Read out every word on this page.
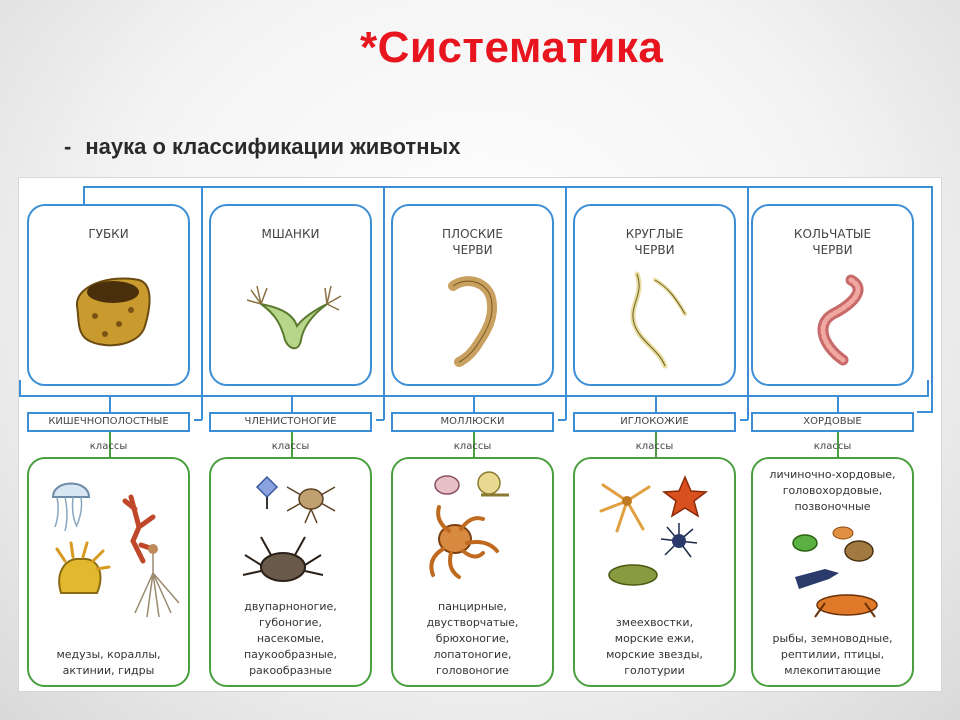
*Систематика
- наука о классификации животных
ГУБКИ
КИШЕЧНОПОЛОСТНЫЕ
классы
медузы, кораллы,
актинии, гидры
МШАНКИ
ЧЛЕНИСТОНОГИЕ
классы
двупарноногие,
губоногие,
насекомые,
паукообразные,
ракообразные
ПЛОСКИЕ
ЧЕРВИ
МОЛЛЮСКИ
классы
панцирные,
двустворчатые,
брюхоногие,
лопатоногие,
головоногие
КРУГЛЫЕ
ЧЕРВИ
ИГЛОКОЖИЕ
классы
змеехвостки,
морские ежи,
морские звезды,
голотурии
КОЛЬЧАТЫЕ
ЧЕРВИ
ХОРДОВЫЕ
классы
личиночно-хордовые,
головохордовые,
позвоночные
рыбы, земноводные,
рептилии, птицы,
млекопитающие
